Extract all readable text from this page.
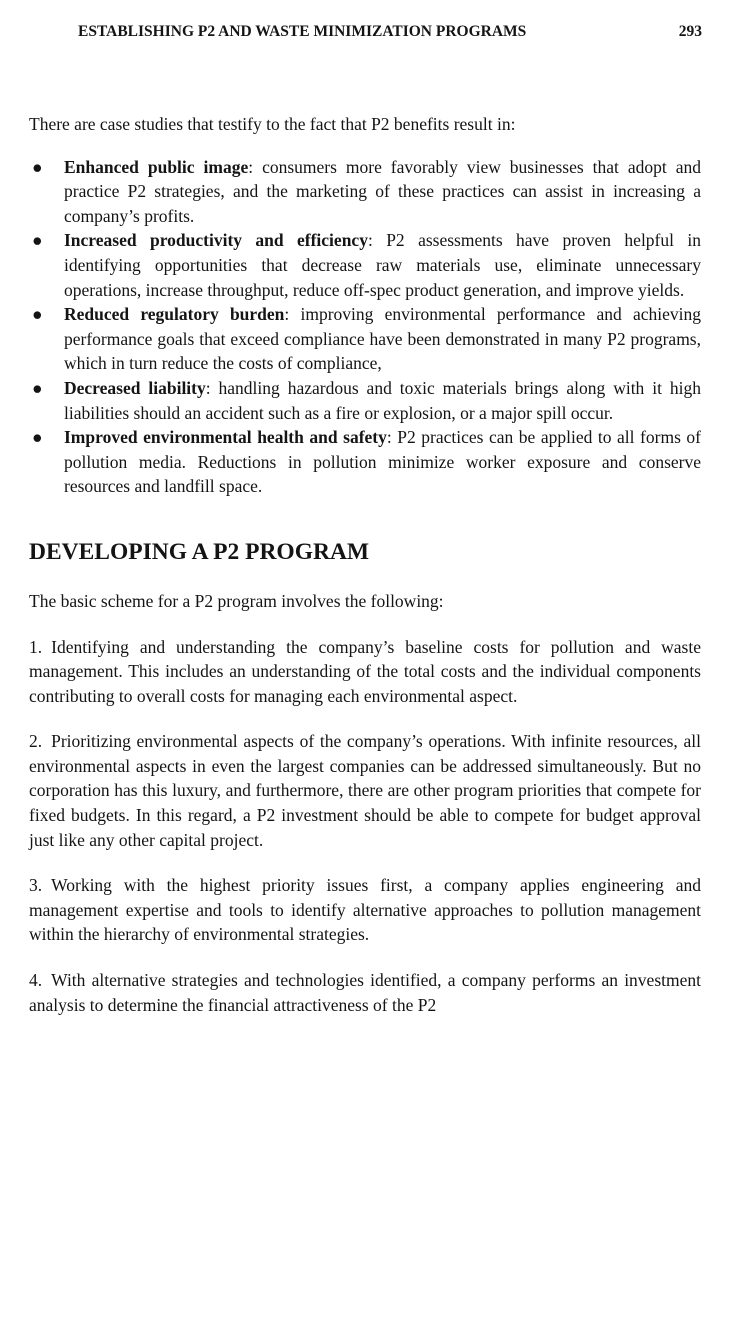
ESTABLISHING P2 AND WASTE MINIMIZATION PROGRAMS	293

There are case studies that testify to the fact that P2 benefits result in:

● Enhanced public image: consumers more favorably view businesses that adopt and practice P2 strategies, and the marketing of these practices can assist in increasing a company’s profits.
● Increased productivity and efficiency: P2 assessments have proven helpful in identifying opportunities that decrease raw materials use, eliminate unnecessary operations, increase throughput, reduce off-spec product generation, and improve yields.
● Reduced regulatory burden: improving environmental performance and achieving performance goals that exceed compliance have been demonstrated in many P2 programs, which in turn reduce the costs of compliance,
● Decreased liability: handling hazardous and toxic materials brings along with it high liabilities should an accident such as a fire or explosion, or a major spill occur.
● Improved environmental health and safety: P2 practices can be applied to all forms of pollution media. Reductions in pollution minimize worker exposure and conserve resources and landfill space.
DEVELOPING A P2 PROGRAM

The basic scheme for a P2 program involves the following:

1. Identifying and understanding the company’s baseline costs for pollution and waste management. This includes an understanding of the total costs and the individual components contributing to overall costs for managing each environmental aspect.

2. Prioritizing environmental aspects of the company’s operations. With infinite resources, all environmental aspects in even the largest companies can be addressed simultaneously. But no corporation has this luxury, and furthermore, there are other program priorities that compete for fixed budgets. In this regard, a P2 investment should be able to compete for budget approval just like any other capital project.

3. Working with the highest priority issues first, a company applies engineering and management expertise and tools to identify alternative approaches to pollution management within the hierarchy of environmental strategies.

4. With alternative strategies and technologies identified, a company performs an investment analysis to determine the financial attractiveness of the P2
